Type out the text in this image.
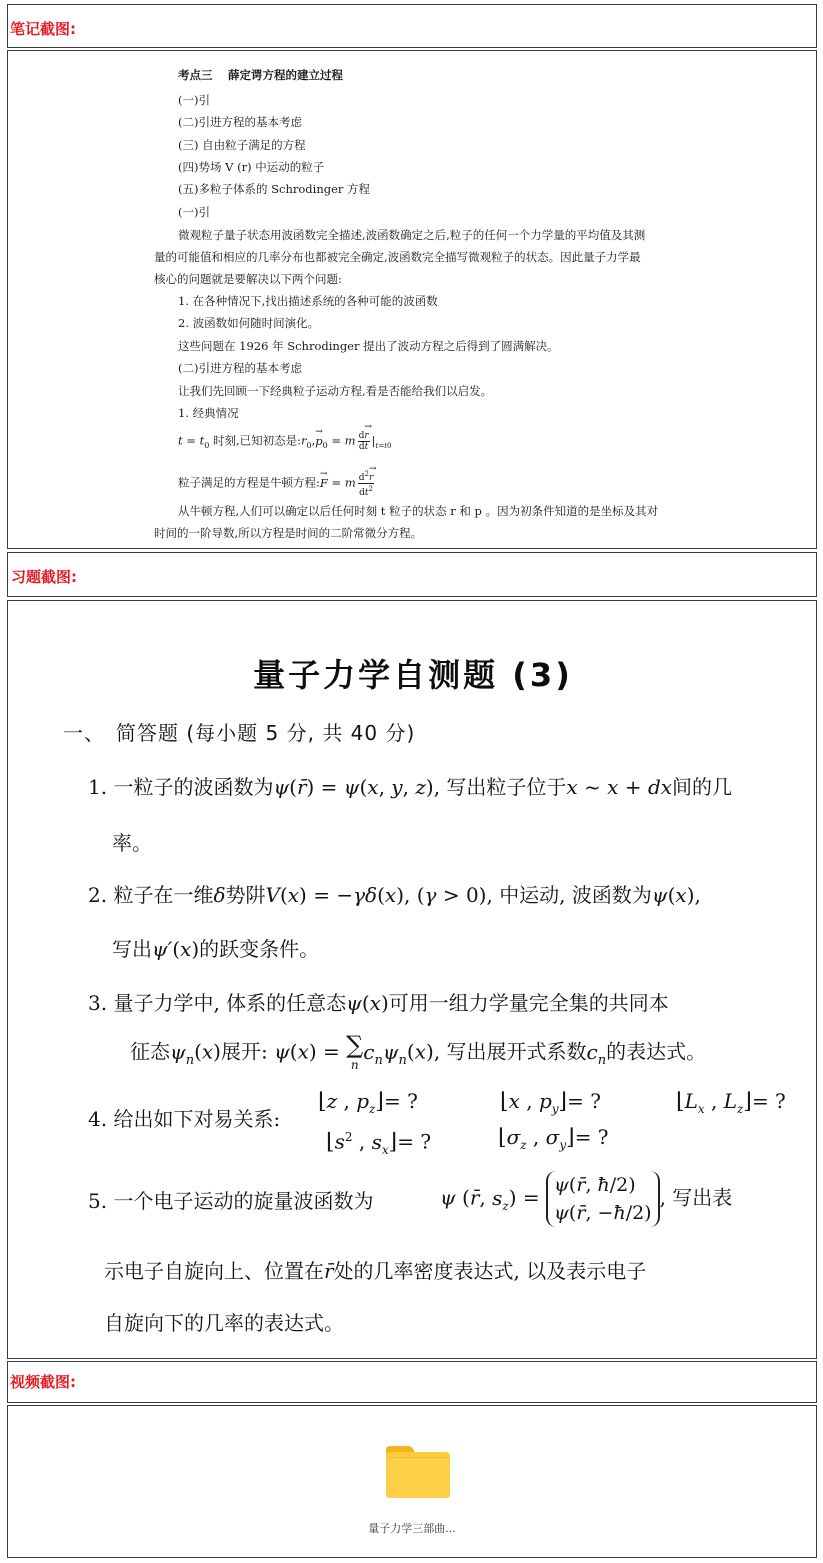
笔记截图:
考点三　 薛定谔方程的建立过程
(一)引
(二)引进方程的基本考虑
(三) 自由粒子满足的方程
(四)势场 V (r) 中运动的粒子
(五)多粒子体系的 Schrodinger 方程
(一)引
微观粒子量子状态用波函数完全描述,波函数确定之后,粒子的任何一个力学量的平均值及其测
量的可能值和相应的几率分布也都被完全确定,波函数完全描写微观粒子的状态。因此量子力学最
核心的问题就是要解决以下两个问题:
1. 在各种情况下,找出描述系统的各种可能的波函数
2. 波函数如何随时间演化。
这些问题在 1926 年 Schrodinger 提出了波动方程之后得到了圆满解决。
(二)引进方程的基本考虑
让我们先回顾一下经典粒子运动方程,看是否能给我们以启发。
1. 经典情况
$t = t_0$ 时刻,已知初态是$:r_0,\to p_0 = m \frac{d\to r}{dt} |_{t=t0}$
粒子满足的方程是牛顿方程:→ F = m $\frac{d^2\to r}{dt^2}$
从牛顿方程,人们可以确定以后任何时刻 t 粒子的状态 r 和 p 。因为初条件知道的是坐标及其对
时间的一阶导数,所以方程是时间的二阶常微分方程。
习题截图:
量子力学自测题 (3)
一、　简答题 (每小题 5 分, 共 40 分)
1. 一粒子的波函数为ψ(r̄) = ψ(x, y, z), 写出粒子位于x ~ x + dx间的几
率。
2. 粒子在一维δ势阱V(x) = −γδ(x), (γ > 0), 中运动, 波函数为ψ(x),
写出ψ′(x)的跃变条件。
3. 量子力学中, 体系的任意态ψ(x)可用一组力学量完全集的共同本
征态$\psi_n(x)$展开: ψ(x) = ∑
n
$c_n\psi_n(x)$, 写出展开式系数$c_n$的表达式。
4. 给出如下对易关系:
⌊z , $p_z⌋=$ ?	⌊x , $p_y⌋=$ ?	$⌊L_x$ , $L_z⌋=$ ?
$⌊s^2$ , $s_x⌋=$ ?	$⌊\sigma_z$ , $\sigma_y⌋=$ ?
5. 一个电子运动的旋量波函数为	ψ (r̄, $s_z$) = ψ(r̄, ħ/2)
ψ(r̄, −ħ/2), 写出表
示电子自旋向上、位置在r̄处的几率密度表达式, 以及表示电子
自旋向下的几率的表达式。
视频截图:
量子力学三部曲...
